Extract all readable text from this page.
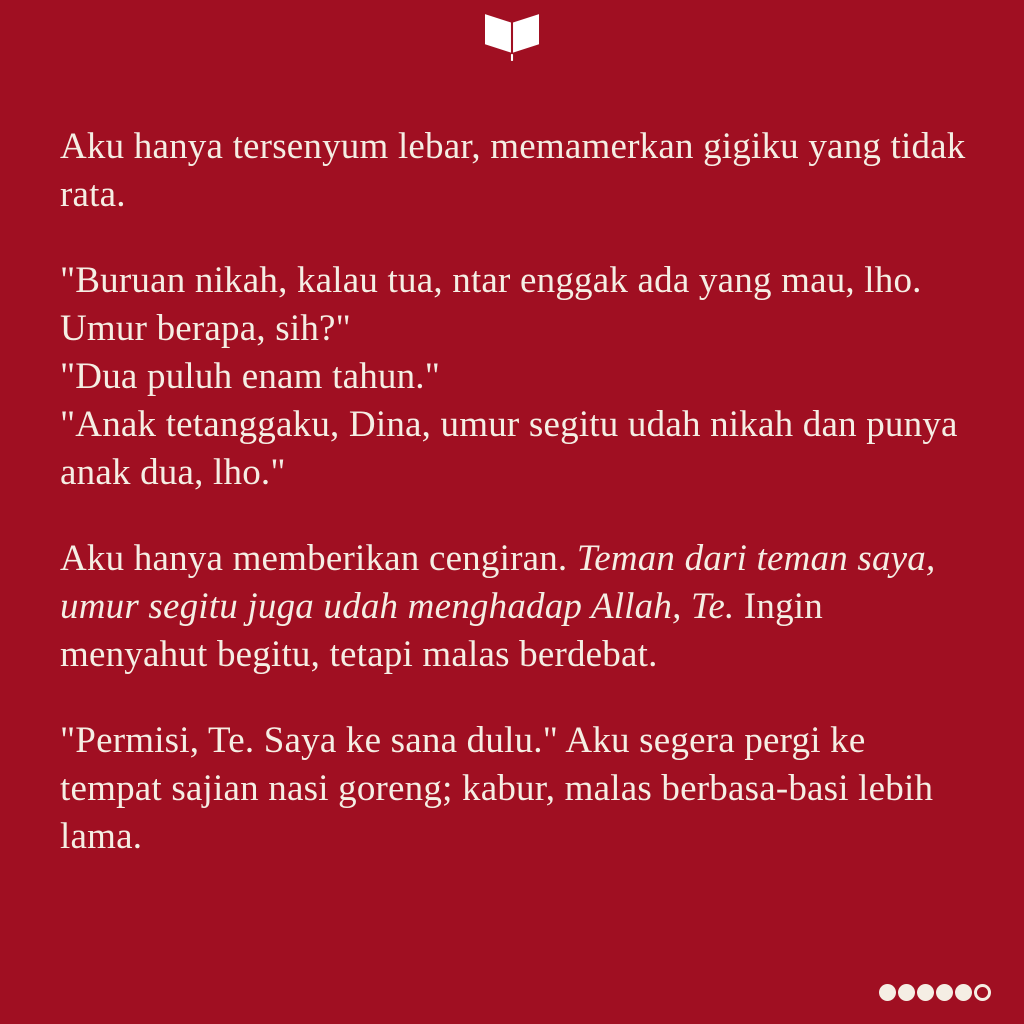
Aku hanya tersenyum lebar, memamerkan gigiku yang tidak rata.
"Buruan nikah, kalau tua, ntar enggak ada yang mau, lho. Umur berapa, sih?"
"Dua puluh enam tahun."
"Anak tetanggaku, Dina, umur segitu udah nikah dan punya anak dua, lho."
Aku hanya memberikan cengiran. Teman dari teman saya, umur segitu juga udah menghadap Allah, Te. Ingin menyahut begitu, tetapi malas berdebat.
"Permisi, Te. Saya ke sana dulu." Aku segera pergi ke tempat sajian nasi goreng; kabur, malas berbasa-basi lebih lama.
